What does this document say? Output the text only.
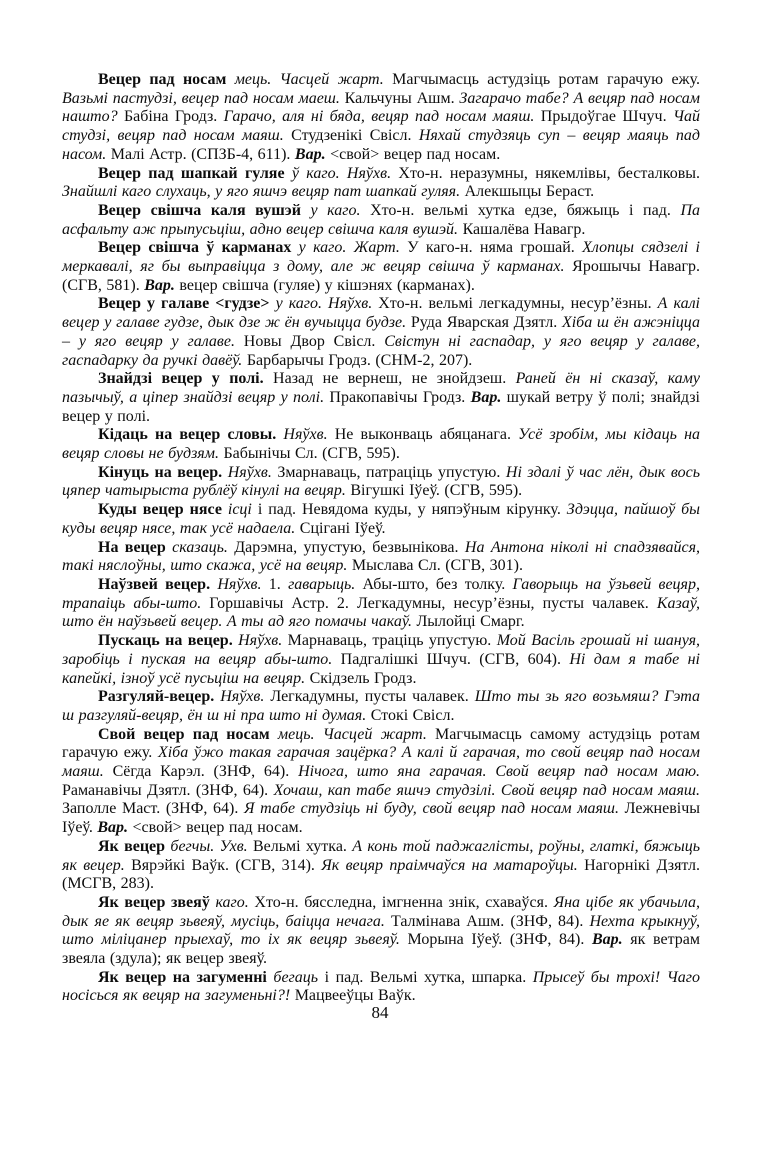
Вецер пад носам мець. Часцей жарт. Магчымасць астудзіць ротам гарачую ежу. Вазьмі пастудзі, вецер пад носам маеш. Кальчуны Ашм. Загарачо табе? А вецяр пад носам нашто? Бабіна Гродз. Гарачо, аля ні бяда, вецяр пад носам маяш. Прыдоўгае Шчуч. Чай студзі, вецяр пад носам маяш. Студзенікі Свісл. Няхай студзяць суп – вецяр маяць пад насом. Малі Астр. (СПЗБ-4, 611). Вар. <свой> вецер пад носам.

Вецер пад шапкай гуляе ў каго. Няўхв. Хто-н. неразумны, някемлівы, бесталковы. Знайшлі каго слухаць, у яго яшчэ вецяр пат шапкай гуляя. Алекшыцы Бераст.

Вецер свішча каля вушэй у каго. Хто-н. вельмі хутка едзе, бяжыць і пад. Па асфальту аж прыпусьціш, адно вецер свішча каля вушэй. Кашалёва Навагр.

Вецер свішча ў карманах у каго. Жарт. У каго-н. няма грошай. Хлопцы сядзелі і меркавалі, яг бы выправіцца з дому, але ж вецяр свішча ў карманах. Ярошычы Навагр. (СГВ, 581). Вар. вецер свішча (гуляе) у кішэнях (карманах).

Вецер у галаве <гудзе> у каго. Няўхв. Хто-н. вельмі легкадумны, несур’ёзны. А калі вецер у галаве гудзе, дык дзе ж ён вучыцца будзе. Руда Яварская Дзятл. Хіба ш ён ажэніцца – у яго вецяр у галаве. Новы Двор Свісл. Свістун ні гаспадар, у яго вецяр у галаве, гаспадарку да ручкі давёў. Барбарычы Гродз. (СНМ-2, 207).

Знайдзі вецер у полі. Назад не вернеш, не знойдзеш. Раней ён ні сказаў, каму пазычыў, а ціпер знайдзі вецяр у полі. Пракопавічы Гродз. Вар. шукай ветру ў полі; знайдзі вецер у полі.

Кідаць на вецер словы. Няўхв. Не выконваць абяцанага. Усё зробім, мы кідаць на вецяр словы не будзям. Бабынічы Сл. (СГВ, 595).

Кінуць на вецер. Няўхв. Змарнаваць, патраціць упустую. Ні здалі ў час лён, дык вось цяпер чатырыста рублёў кінулі на вецяр. Вігушкі Іўеў. (СГВ, 595).

Куды вецер нясе ісці і пад. Невядома куды, у няпэўным кірунку. Здэцца, пайшоў бы куды вецяр нясе, так усё надаела. Сцігані Іўеў.

На вецер сказаць. Дарэмна, упустую, безвынікова. На Антона ніколі ні спадзявайся, такі няслоўны, што скажа, усё на вецяр. Мыслава Сл. (СГВ, 301).

Наўзвей вецер. Няўхв. 1. гаварыць. Абы-што, без толку. Гаворыць на ўзьвей вецяр, трапаіць абы-што. Горшавічы Астр. 2. Легкадумны, несур’ёзны, пусты чалавек. Казаў, што ён наўзьвей вецер. А ты ад яго помачы чакаў. Лылойці Смарг.

Пускаць на вецер. Няўхв. Марнаваць, траціць упустую. Мой Васіль грошай ні шануя, заробіць і пуская на вецяр абы-што. Падгалішкі Шчуч. (СГВ, 604). Ні дам я табе ні капейкі, ізноў усё пусьціш на вецяр. Скідзель Гродз.

Разгуляй-вецер. Няўхв. Легкадумны, пусты чалавек. Што ты зь яго возьмяш? Гэта ш разгуляй-вецяр, ён ш ні пра што ні думая. Стокі Свісл.

Свой вецер пад носам мець. Часцей жарт. Магчымасць самому астудзіць ротам гарачую ежу. Хіба ўжо такая гарачая зацёрка? А калі й гарачая, то свой вецяр пад носам маяш. Сёгда Карэл. (ЗНФ, 64). Нічога, што яна гарачая. Свой вецяр пад носам маю. Раманавічы Дзятл. (ЗНФ, 64). Хочаш, кап табе яшчэ студзілі. Свой вецяр пад носам маяш. Заполле Маст. (ЗНФ, 64). Я табе студзіць ні буду, свой вецяр пад носам маяш. Лежневічы Іўеў. Вар. <свой> вецер пад носам.

Як вецер бегчы. Ухв. Вельмі хутка. А конь той паджаглісты, роўны, глаткі, бяжыць як вецер. Вярэйкі Ваўк. (СГВ, 314). Як вецяр праімчаўся на матароўцы. Нагорнікі Дзятл. (МСГВ, 283).

Як вецер звеяў каго. Хто-н. бясследна, імгненна знік, схаваўся. Яна цібе як убачыла, дык яе як вецяр зьвеяў, мусіць, баіцца нечага. Талмінава Ашм. (ЗНФ, 84). Нехта крыкнуў, што міліцанер прыехаў, то іх як вецяр зьвеяў. Морына Іўеў. (ЗНФ, 84). Вар. як ветрам звеяла (здула); як вецер звеяў.

Як вецер на загуменні бегаць і пад. Вельмі хутка, шпарка. Прысеў бы трохі! Чаго носісься як вецяр на загуменьні?! Мацвееўцы Ваўк.

84
